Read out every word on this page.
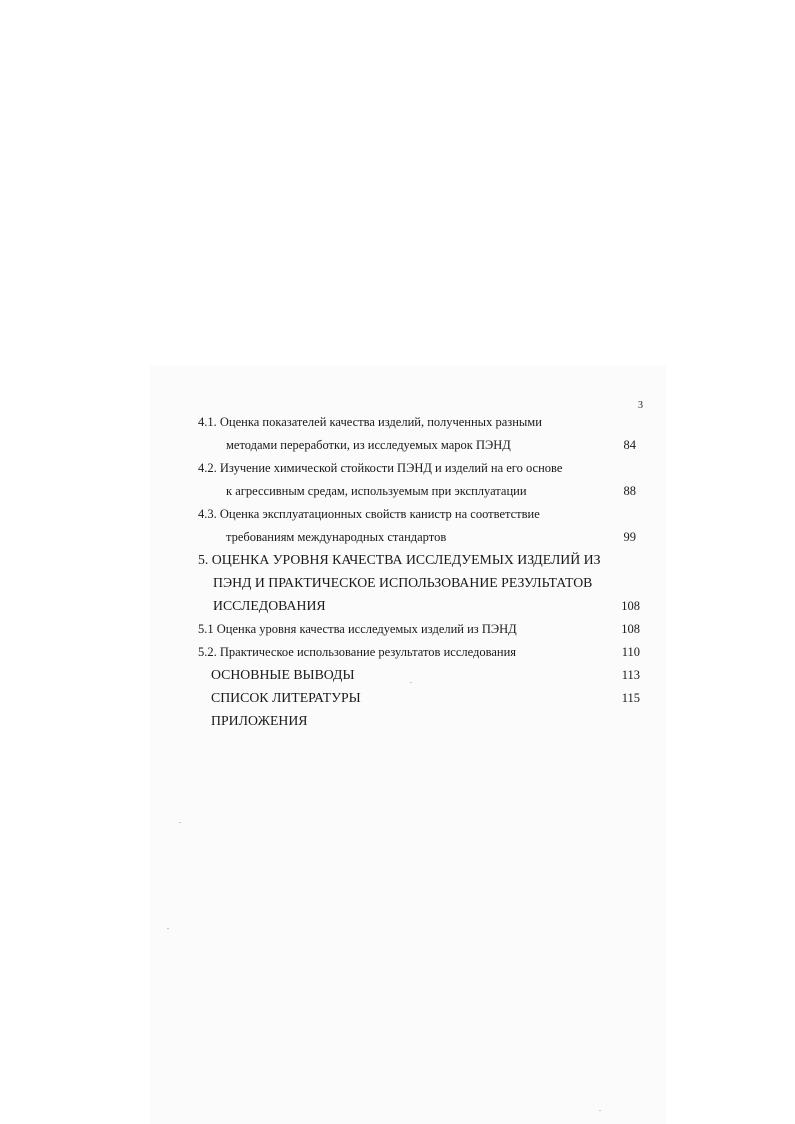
3
4.1. Оценка показателей качества изделий, полученных разными
методами переработки, из исследуемых марок ПЭНД	84
4.2. Изучение химической стойкости ПЭНД и изделий на его основе
к агрессивным средам, используемым при эксплуатации	88
4.3. Оценка эксплуатационных свойств канистр на соответствие
требованиям международных стандартов	99
5. ОЦЕНКА УРОВНЯ КАЧЕСТВА ИССЛЕДУЕМЫХ ИЗДЕЛИЙ ИЗ
ПЭНД И ПРАКТИЧЕСКОЕ ИСПОЛЬЗОВАНИЕ РЕЗУЛЬТАТОВ
ИССЛЕДОВАНИЯ	108
5.1 Оценка уровня качества исследуемых изделий из ПЭНД	108
5.2. Практическое использование результатов исследования	110
ОСНОВНЫЕ ВЫВОДЫ	113
СПИСОК ЛИТЕРАТУРЫ	115
ПРИЛОЖЕНИЯ
